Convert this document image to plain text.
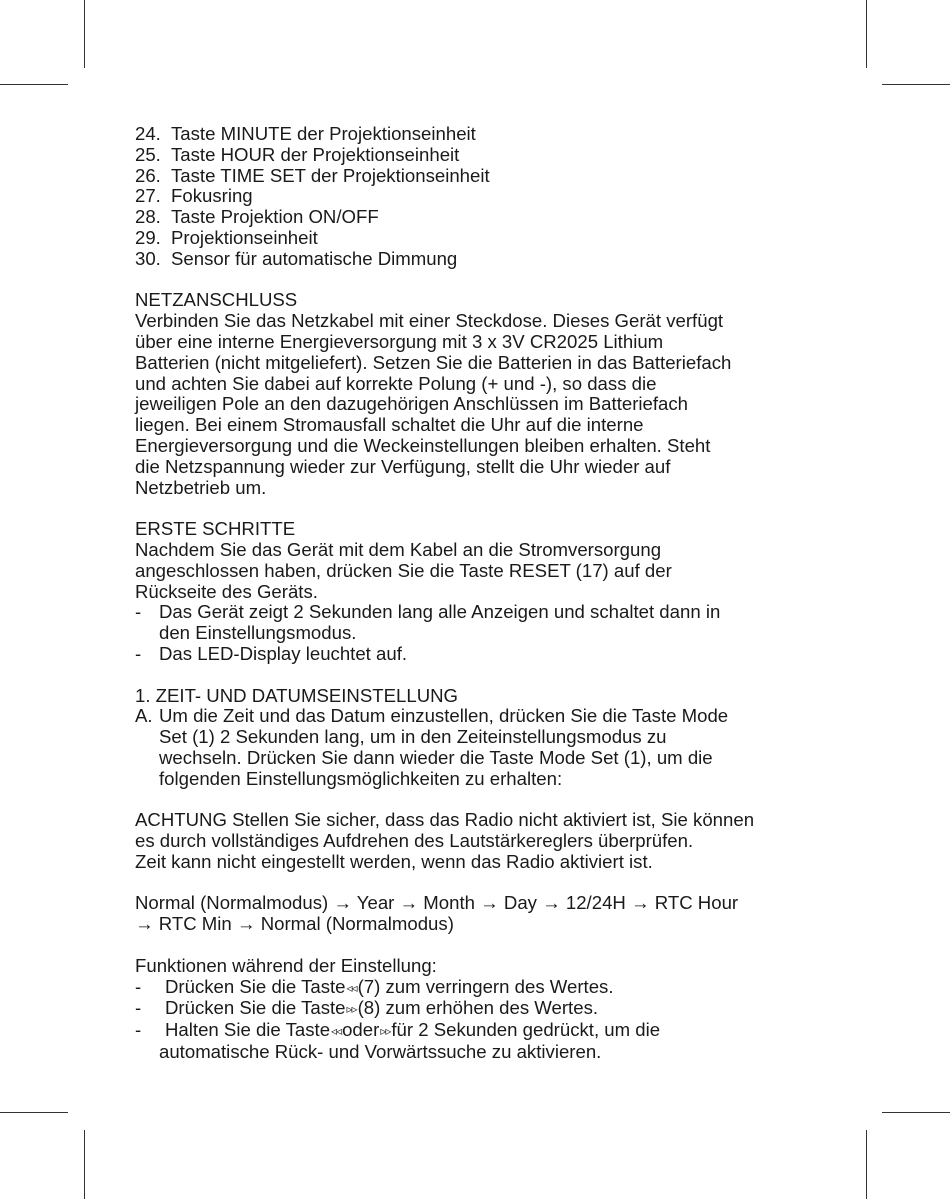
24. Taste MINUTE der Projektionseinheit
25. Taste HOUR der Projektionseinheit
26. Taste TIME SET der Projektionseinheit
27. Fokusring
28. Taste Projektion ON/OFF
29. Projektionseinheit
30. Sensor für automatische Dimmung
NETZANSCHLUSS
Verbinden Sie das Netzkabel mit einer Steckdose. Dieses Gerät verfügt
über eine interne Energieversorgung mit 3 x 3V CR2025 Lithium
Batterien (nicht mitgeliefert). Setzen Sie die Batterien in das Batteriefach
und achten Sie dabei auf korrekte Polung (+ und -), so dass die
jeweiligen Pole an den dazugehörigen Anschlüssen im Batteriefach
liegen. Bei einem Stromausfall schaltet die Uhr auf die interne
Energieversorgung und die Weckeinstellungen bleiben erhalten. Steht
die Netzspannung wieder zur Verfügung, stellt die Uhr wieder auf
Netzbetrieb um.
ERSTE SCHRITTE
Nachdem Sie das Gerät mit dem Kabel an die Stromversorgung
angeschlossen haben, drücken Sie die Taste RESET (17) auf der
Rückseite des Geräts.
- Das Gerät zeigt 2 Sekunden lang alle Anzeigen und schaltet dann in
den Einstellungsmodus.
- Das LED-Display leuchtet auf.
1. ZEIT- UND DATUMSEINSTELLUNG
A. Um die Zeit und das Datum einzustellen, drücken Sie die Taste Mode
Set (1) 2 Sekunden lang, um in den Zeiteinstellungsmodus zu
wechseln. Drücken Sie dann wieder die Taste Mode Set (1), um die
folgenden Einstellungsmöglichkeiten zu erhalten:
ACHTUNG Stellen Sie sicher, dass das Radio nicht aktiviert ist, Sie können
es durch vollständiges Aufdrehen des Lautstärkereglers überprüfen.
Zeit kann nicht eingestellt werden, wenn das Radio aktiviert ist.
Normal (Normalmodus) → Year → Month → Day → 12/24H → RTC Hour
→ RTC Min → Normal (Normalmodus)
Funktionen während der Einstellung:
-	Drücken Sie die Taste◃◃(7) zum verringern des Wertes.
-	Drücken Sie die Taste▹▹(8) zum erhöhen des Wertes.
-	Halten Sie die Taste◃◃oder▹▹für 2 Sekunden gedrückt, um die
automatische Rück- und Vorwärtssuche zu aktivieren.
